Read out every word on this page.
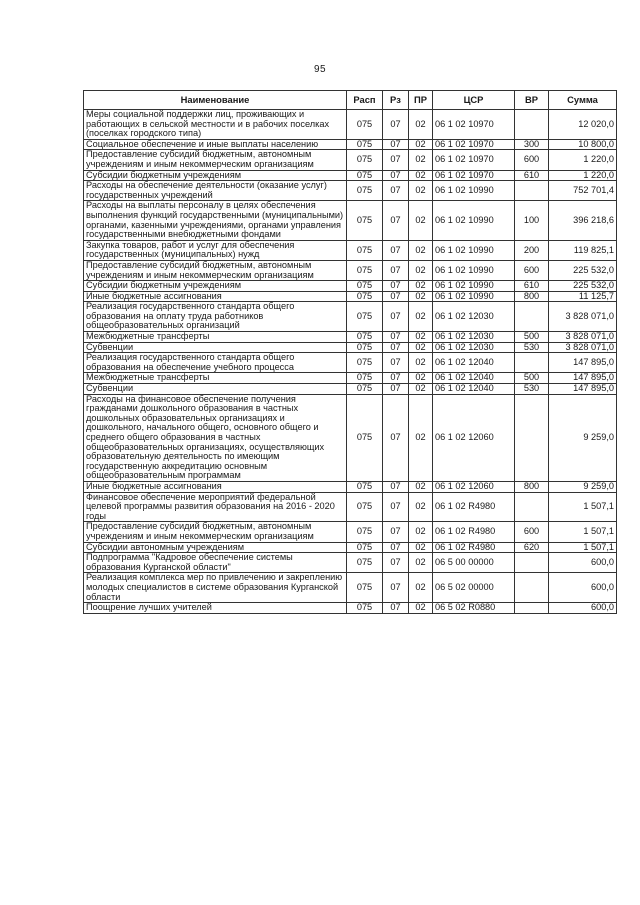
95
Наименование	Расп	Рз	ПР	ЦСР	ВР	Сумма
Меры социальной поддержки лиц, проживающих и работающих в сельской местности и в рабочих поселках (поселках городского типа)	075	07	02	06 1 02 10970		12 020,0
Социальное обеспечение и иные выплаты населению	075	07	02	06 1 02 10970	300	10 800,0
Предоставление субсидий бюджетным, автономным учреждениям и иным некоммерческим организациям	075	07	02	06 1 02 10970	600	1 220,0
Субсидии бюджетным учреждениям	075	07	02	06 1 02 10970	610	1 220,0
Расходы на обеспечение деятельности (оказание услуг) государственных учреждений	075	07	02	06 1 02 10990		752 701,4
Расходы на выплаты персоналу в целях обеспечения выполнения функций государственными (муниципальными) органами, казенными учреждениями, органами управления государственными внебюджетными фондами	075	07	02	06 1 02 10990	100	396 218,6
Закупка товаров, работ и услуг для обеспечения государственных (муниципальных) нужд	075	07	02	06 1 02 10990	200	119 825,1
Предоставление субсидий бюджетным, автономным учреждениям и иным некоммерческим организациям	075	07	02	06 1 02 10990	600	225 532,0
Субсидии бюджетным учреждениям	075	07	02	06 1 02 10990	610	225 532,0
Иные бюджетные ассигнования	075	07	02	06 1 02 10990	800	11 125,7
Реализация государственного стандарта общего образования на оплату труда работников общеобразовательных организаций	075	07	02	06 1 02 12030		3 828 071,0
Межбюджетные трансферты	075	07	02	06 1 02 12030	500	3 828 071,0
Субвенции	075	07	02	06 1 02 12030	530	3 828 071,0
Реализация государственного стандарта общего образования на обеспечение учебного процесса	075	07	02	06 1 02 12040		147 895,0
Межбюджетные трансферты	075	07	02	06 1 02 12040	500	147 895,0
Субвенции	075	07	02	06 1 02 12040	530	147 895,0
Расходы на финансовое обеспечение получения гражданами дошкольного образования в частных дошкольных образовательных организациях и дошкольного, начального общего, основного общего и среднего общего образования в частных общеобразовательных организациях, осуществляющих образовательную деятельность по имеющим государственную аккредитацию основным общеобразовательным программам	075	07	02	06 1 02 12060		9 259,0
Иные бюджетные ассигнования	075	07	02	06 1 02 12060	800	9 259,0
Финансовое обеспечение мероприятий федеральной целевой программы развития образования на 2016 - 2020 годы	075	07	02	06 1 02 R4980		1 507,1
Предоставление субсидий бюджетным, автономным учреждениям и иным некоммерческим организациям	075	07	02	06 1 02 R4980	600	1 507,1
Субсидии автономным учреждениям	075	07	02	06 1 02 R4980	620	1 507,1
Подпрограмма "Кадровое обеспечение системы образования Курганской области"	075	07	02	06 5 00 00000		600,0
Реализация комплекса мер по привлечению и закреплению молодых специалистов в системе образования Курганской области	075	07	02	06 5 02 00000		600,0
Поощрение лучших учителей	075	07	02	06 5 02 R0880		600,0
